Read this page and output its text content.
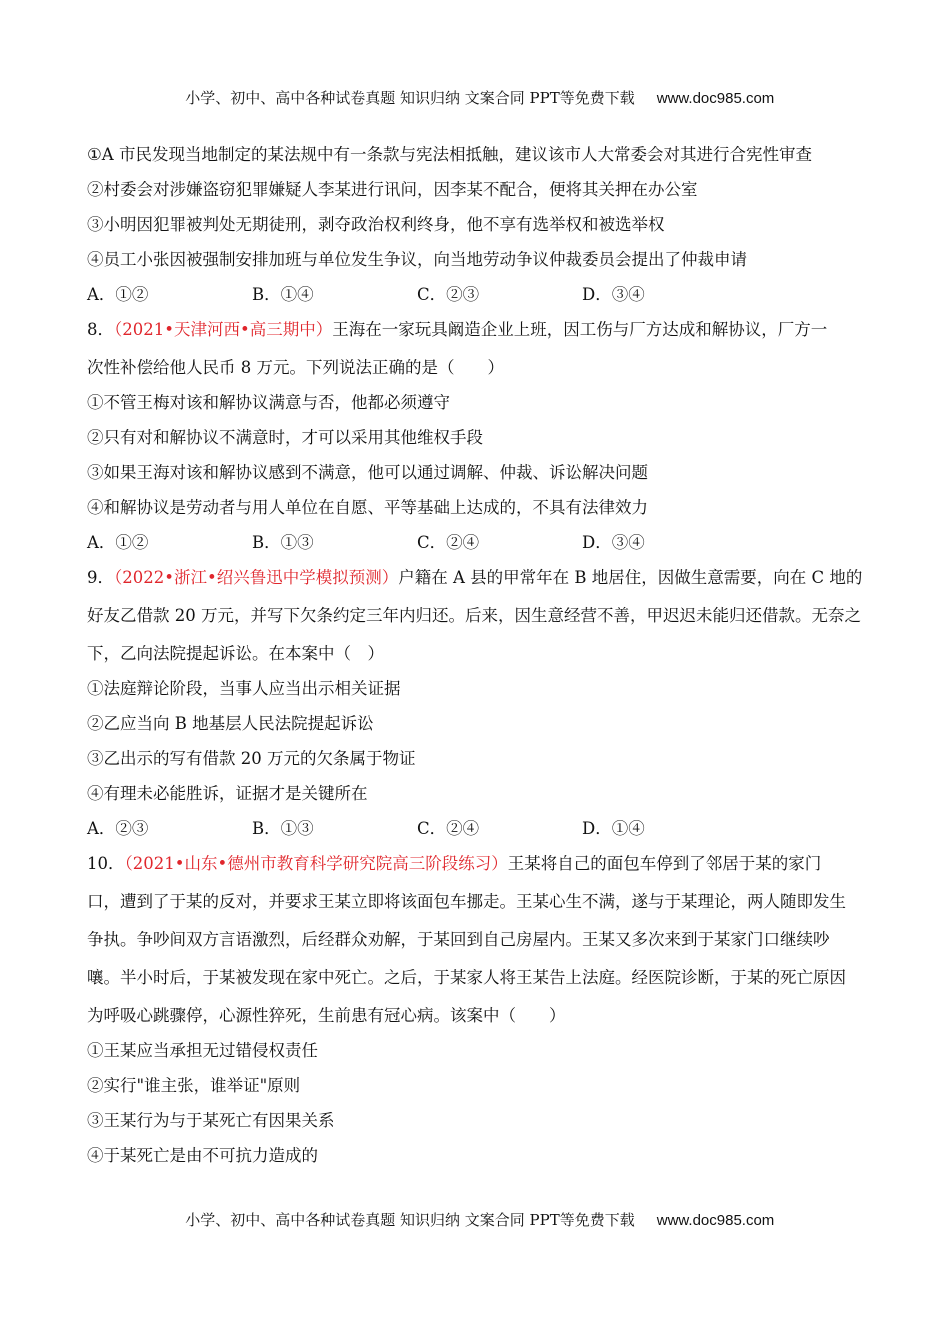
小学、初中、高中各种试卷真题 知识归纳 文案合同 PPT等免费下载 www.doc985.com

①A 市民发现当地制定的某法规中有一条款与宪法相抵触，建议该市人大常委会对其进行合宪性审查
②村委会对涉嫌盗窃犯罪嫌疑人李某进行讯问，因李某不配合，便将其关押在办公室
③小明因犯罪被判处无期徒刑，剥夺政治权利终身，他不享有选举权和被选举权
④员工小张因被强制安排加班与单位发生争议，向当地劳动争议仲裁委员会提出了仲裁申请
A．①②	B．①④	C．②③	D．③④
8．（2021•天津河西•高三期中）王海在一家玩具阚造企业上班，因工伤与厂方达成和解协议，厂方一
次性补偿给他人民币 8 万元。下列说法正确的是（　　）
①不管王梅对该和解协议满意与否，他都必须遵守
②只有对和解协议不满意时，才可以采用其他维权手段
③如果王海对该和解协议感到不满意，他可以通过调解、仲裁、诉讼解决问题
④和解协议是劳动者与用人单位在自愿、平等基础上达成的，不具有法律效力
A．①②	B．①③	C．②④	D．③④
9．（2022•浙江•绍兴鲁迅中学模拟预测）户籍在 A 县的甲常年在 B 地居住，因做生意需要，向在 C 地的
好友乙借款 20 万元，并写下欠条约定三年内归还。后来，因生意经营不善，甲迟迟未能归还借款。无奈之
下，乙向法院提起诉讼。在本案中（　）
①法庭辩论阶段，当事人应当出示相关证据
②乙应当向 B 地基层人民法院提起诉讼
③乙出示的写有借款 20 万元的欠条属于物证
④有理未必能胜诉，证据才是关键所在
A．②③	B．①③	C．②④	D．①④
10．（2021•山东•德州市教育科学研究院高三阶段练习）王某将自己的面包车停到了邻居于某的家门
口，遭到了于某的反对，并要求王某立即将该面包车挪走。王某心生不满，遂与于某理论，两人随即发生
争执。争吵间双方言语激烈，后经群众劝解，于某回到自己房屋内。王某又多次来到于某家门口继续吵
嚷。半小时后，于某被发现在家中死亡。之后，于某家人将王某告上法庭。经医院诊断，于某的死亡原因
为呼吸心跳骤停，心源性猝死，生前患有冠心病。该案中（　　）
①王某应当承担无过错侵权责任
②实行"谁主张，谁举证"原则
③王某行为与于某死亡有因果关系
④于某死亡是由不可抗力造成的

小学、初中、高中各种试卷真题 知识归纳 文案合同 PPT等免费下载 www.doc985.com
